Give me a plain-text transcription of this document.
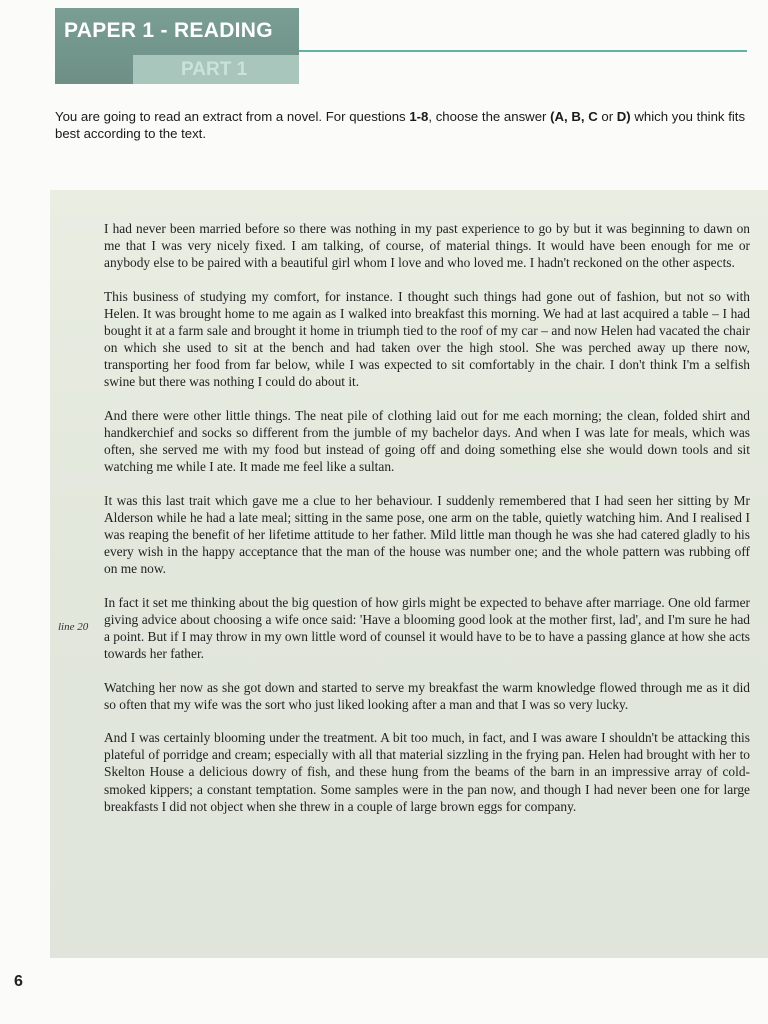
PAPER 1 - READING
PART 1
You are going to read an extract from a novel. For questions 1-8, choose the answer (A, B, C or D) which you think fits best according to the text.

I had never been married before so there was nothing in my past experience to go by but it was beginning to dawn on me that I was very nicely fixed. I am talking, of course, of material things. It would have been enough for me or anybody else to be paired with a beautiful girl whom I love and who loved me. I hadn't reckoned on the other aspects.

This business of studying my comfort, for instance. I thought such things had gone out of fashion, but not so with Helen. It was brought home to me again as I walked into breakfast this morning. We had at last acquired a table – I had bought it at a farm sale and brought it home in triumph tied to the roof of my car – and now Helen had vacated the chair on which she used to sit at the bench and had taken over the high stool. She was perched away up there now, transporting her food from far below, while I was expected to sit comfortably in the chair. I don't think I'm a selfish swine but there was nothing I could do about it.

And there were other little things. The neat pile of clothing laid out for me each morning; the clean, folded shirt and handkerchief and socks so different from the jumble of my bachelor days. And when I was late for meals, which was often, she served me with my food but instead of going off and doing something else she would down tools and sit watching me while I ate. It made me feel like a sultan.

It was this last trait which gave me a clue to her behaviour. I suddenly remembered that I had seen her sitting by Mr Alderson while he had a late meal; sitting in the same pose, one arm on the table, quietly watching him. And I realised I was reaping the benefit of her lifetime attitude to her father. Mild little man though he was she had catered gladly to his every wish in the happy acceptance that the man of the house was number one; and the whole pattern was rubbing off on me now.

In fact it set me thinking about the big question of how girls might be expected to behave after marriage. One old farmer giving advice about choosing a wife once said: 'Have a blooming good look at the mother first, lad', and I'm sure he had a point. But if I may throw in my own little word of counsel it would have to be to have a passing glance at how she acts towards her father.

Watching her now as she got down and started to serve my breakfast the warm knowledge flowed through me as it did so often that my wife was the sort who just liked looking after a man and that I was so very lucky.

And I was certainly blooming under the treatment. A bit too much, in fact, and I was aware I shouldn't be attacking this plateful of porridge and cream; especially with all that material sizzling in the frying pan. Helen had brought with her to Skelton House a delicious dowry of fish, and these hung from the beams of the barn in an impressive array of cold-smoked kippers; a constant temptation. Some samples were in the pan now, and though I had never been one for large breakfasts I did not object when she threw in a couple of large brown eggs for company.

line 20
6
